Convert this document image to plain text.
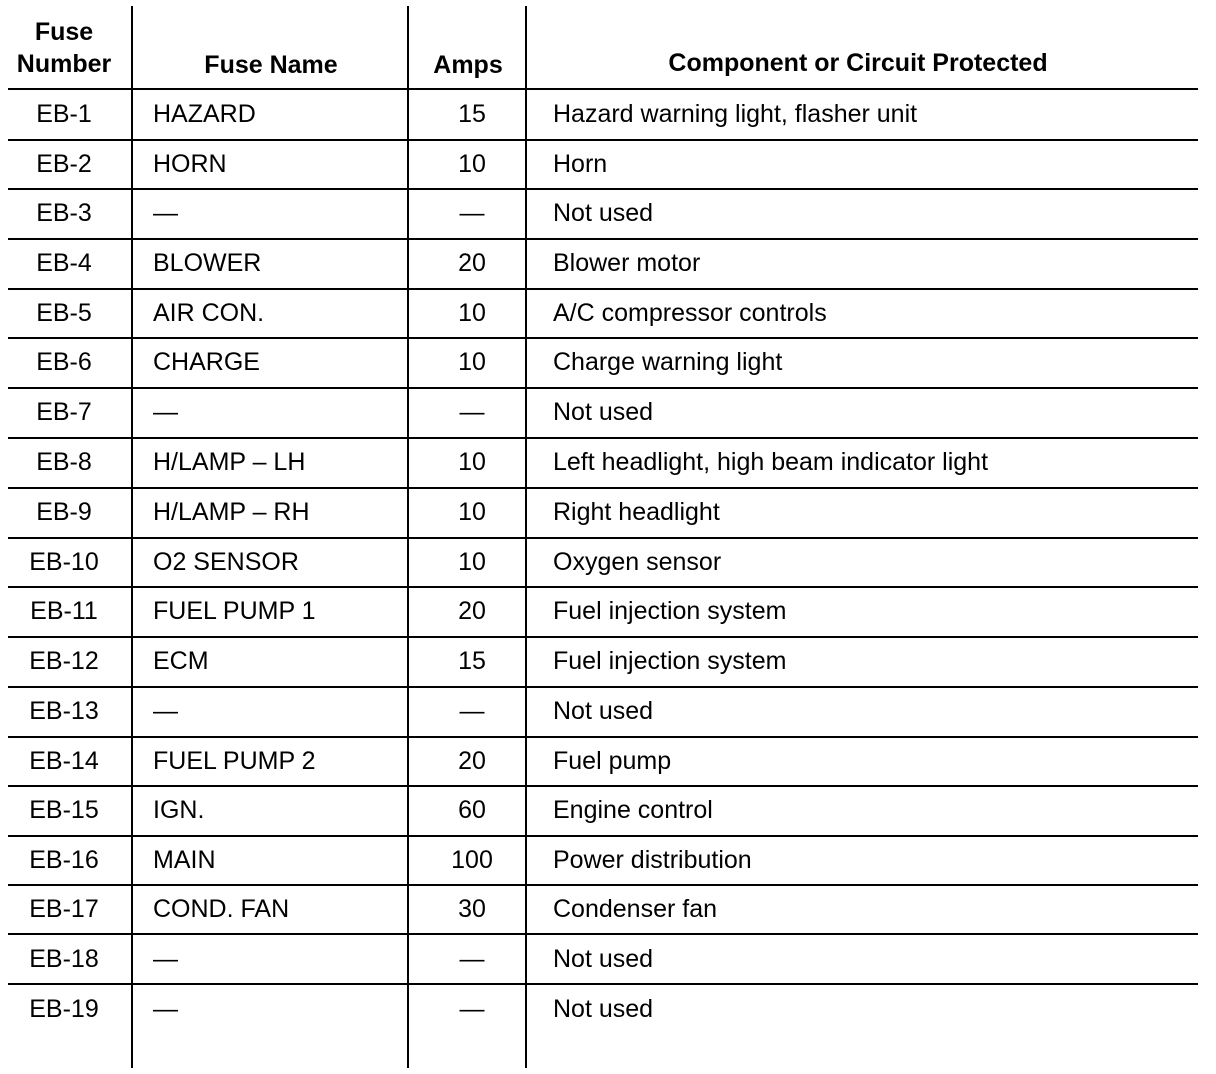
Fuse
Number	Fuse Name	Amps	Component or Circuit Protected
EB-1	HAZARD	15	Hazard warning light, flasher unit
EB-2	HORN	10	Horn
EB-3	—	—	Not used
EB-4	BLOWER	20	Blower motor
EB-5	AIR CON.	10	A/C compressor controls
EB-6	CHARGE	10	Charge warning light
EB-7	—	—	Not used
EB-8	H/LAMP – LH	10	Left headlight, high beam indicator light
EB-9	H/LAMP – RH	10	Right headlight
EB-10	O2 SENSOR	10	Oxygen sensor
EB-11	FUEL PUMP 1	20	Fuel injection system
EB-12	ECM	15	Fuel injection system
EB-13	—	—	Not used
EB-14	FUEL PUMP 2	20	Fuel pump
EB-15	IGN.	60	Engine control
EB-16	MAIN	100	Power distribution
EB-17	COND. FAN	30	Condenser fan
EB-18	—	—	Not used
EB-19	—	—	Not used
